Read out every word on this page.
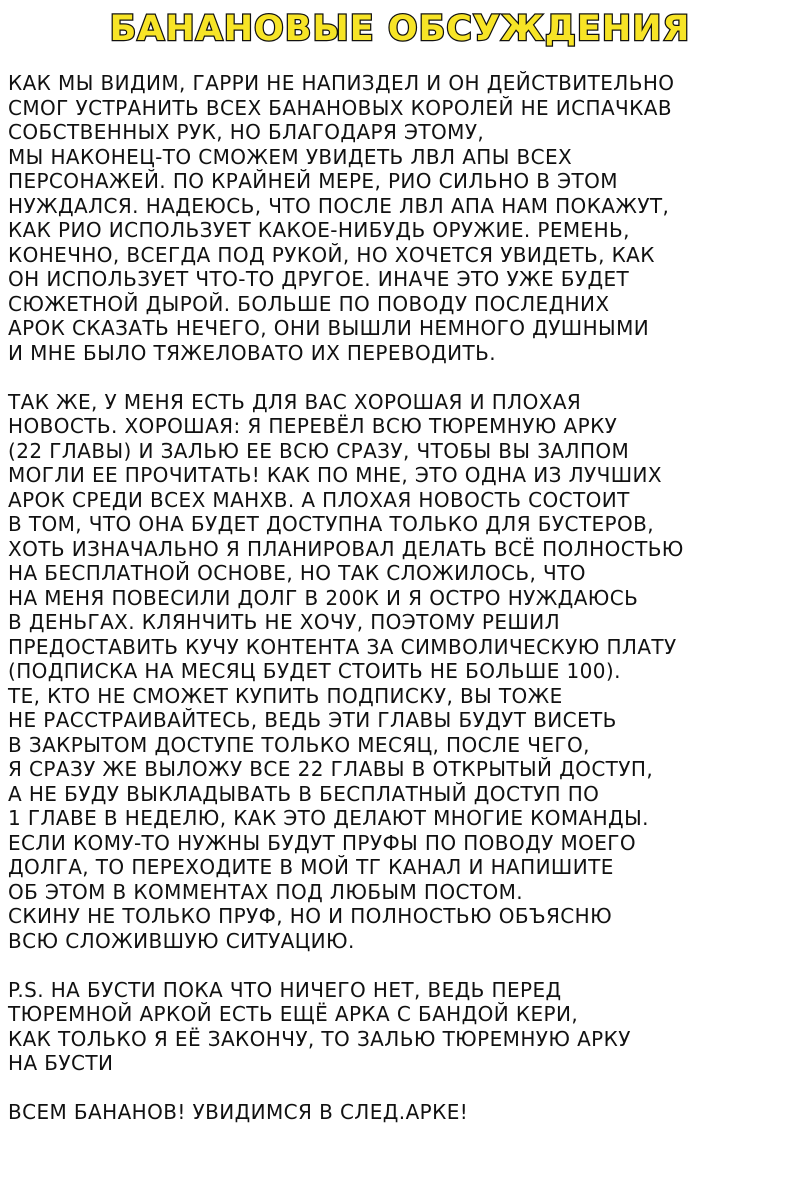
БАНАНОВЫЕ ОБСУЖДЕНИЯ
КАК МЫ ВИДИМ, ГАРРИ НЕ НАПИЗДЕЛ И ОН ДЕЙСТВИТЕЛЬНО
СМОГ УСТРАНИТЬ ВСЕХ БАНАНОВЫХ КОРОЛЕЙ НЕ ИСПАЧКАВ
СОБСТВЕННЫХ РУК, НО БЛАГОДАРЯ ЭТОМУ,
МЫ НАКОНЕЦ-ТО СМОЖЕМ УВИДЕТЬ ЛВЛ АПЫ ВСЕХ
ПЕРСОНАЖЕЙ. ПО КРАЙНЕЙ МЕРЕ, РИО СИЛЬНО В ЭТОМ
НУЖДАЛСЯ. НАДЕЮСЬ, ЧТО ПОСЛЕ ЛВЛ АПА НАМ ПОКАЖУТ,
КАК РИО ИСПОЛЬЗУЕТ КАКОЕ-НИБУДЬ ОРУЖИЕ. РЕМЕНЬ,
КОНЕЧНО, ВСЕГДА ПОД РУКОЙ, НО ХОЧЕТСЯ УВИДЕТЬ, КАК
ОН ИСПОЛЬЗУЕТ ЧТО-ТО ДРУГОЕ. ИНАЧЕ ЭТО УЖЕ БУДЕТ
СЮЖЕТНОЙ ДЫРОЙ. БОЛЬШЕ ПО ПОВОДУ ПОСЛЕДНИХ
АРОК СКАЗАТЬ НЕЧЕГО, ОНИ ВЫШЛИ НЕМНОГО ДУШНЫМИ
И МНЕ БЫЛО ТЯЖЕЛОВАТО ИХ ПЕРЕВОДИТЬ.
ТАК ЖЕ, У МЕНЯ ЕСТЬ ДЛЯ ВАС ХОРОШАЯ И ПЛОХАЯ
НОВОСТЬ. ХОРОШАЯ: Я ПЕРЕВЁЛ ВСЮ ТЮРЕМНУЮ АРКУ
(22 ГЛАВЫ) И ЗАЛЬЮ ЕЕ ВСЮ СРАЗУ, ЧТОБЫ ВЫ ЗАЛПОМ
МОГЛИ ЕЕ ПРОЧИТАТЬ! КАК ПО МНЕ, ЭТО ОДНА ИЗ ЛУЧШИХ
АРОК СРЕДИ ВСЕХ МАНХВ. А ПЛОХАЯ НОВОСТЬ СОСТОИТ
В ТОМ, ЧТО ОНА БУДЕТ ДОСТУПНА ТОЛЬКО ДЛЯ БУСТЕРОВ,
ХОТЬ ИЗНАЧАЛЬНО Я ПЛАНИРОВАЛ ДЕЛАТЬ ВСЁ ПОЛНОСТЬЮ
НА БЕСПЛАТНОЙ ОСНОВЕ, НО ТАК СЛОЖИЛОСЬ, ЧТО
НА МЕНЯ ПОВЕСИЛИ ДОЛГ В 200К И Я ОСТРО НУЖДАЮСЬ
В ДЕНЬГАХ. КЛЯНЧИТЬ НЕ ХОЧУ, ПОЭТОМУ РЕШИЛ
ПРЕДОСТАВИТЬ КУЧУ КОНТЕНТА ЗА СИМВОЛИЧЕСКУЮ ПЛАТУ
(ПОДПИСКА НА МЕСЯЦ БУДЕТ СТОИТЬ НЕ БОЛЬШЕ 100).
ТЕ, КТО НЕ СМОЖЕТ КУПИТЬ ПОДПИСКУ, ВЫ ТОЖЕ
НЕ РАССТРАИВАЙТЕСЬ, ВЕДЬ ЭТИ ГЛАВЫ БУДУТ ВИСЕТЬ
В ЗАКРЫТОМ ДОСТУПЕ ТОЛЬКО МЕСЯЦ, ПОСЛЕ ЧЕГО,
Я СРАЗУ ЖЕ ВЫЛОЖУ ВСЕ 22 ГЛАВЫ В ОТКРЫТЫЙ ДОСТУП,
А НЕ БУДУ ВЫКЛАДЫВАТЬ В БЕСПЛАТНЫЙ ДОСТУП ПО
1 ГЛАВЕ В НЕДЕЛЮ, КАК ЭТО ДЕЛАЮТ МНОГИЕ КОМАНДЫ.
ЕСЛИ КОМУ-ТО НУЖНЫ БУДУТ ПРУФЫ ПО ПОВОДУ МОЕГО
ДОЛГА, ТО ПЕРЕХОДИТЕ В МОЙ ТГ КАНАЛ И НАПИШИТЕ
ОБ ЭТОМ В КОММЕНТАХ ПОД ЛЮБЫМ ПОСТОМ.
СКИНУ НЕ ТОЛЬКО ПРУФ, НО И ПОЛНОСТЬЮ ОБЪЯСНЮ
ВСЮ СЛОЖИВШУЮ СИТУАЦИЮ.
P.S. НА БУСТИ ПОКА ЧТО НИЧЕГО НЕТ, ВЕДЬ ПЕРЕД
ТЮРЕМНОЙ АРКОЙ ЕСТЬ ЕЩЁ АРКА С БАНДОЙ КЕРИ,
КАК ТОЛЬКО Я ЕЁ ЗАКОНЧУ, ТО ЗАЛЬЮ ТЮРЕМНУЮ АРКУ
НА БУСТИ
ВСЕМ БАНАНОВ! УВИДИМСЯ В СЛЕД.АРКЕ!
